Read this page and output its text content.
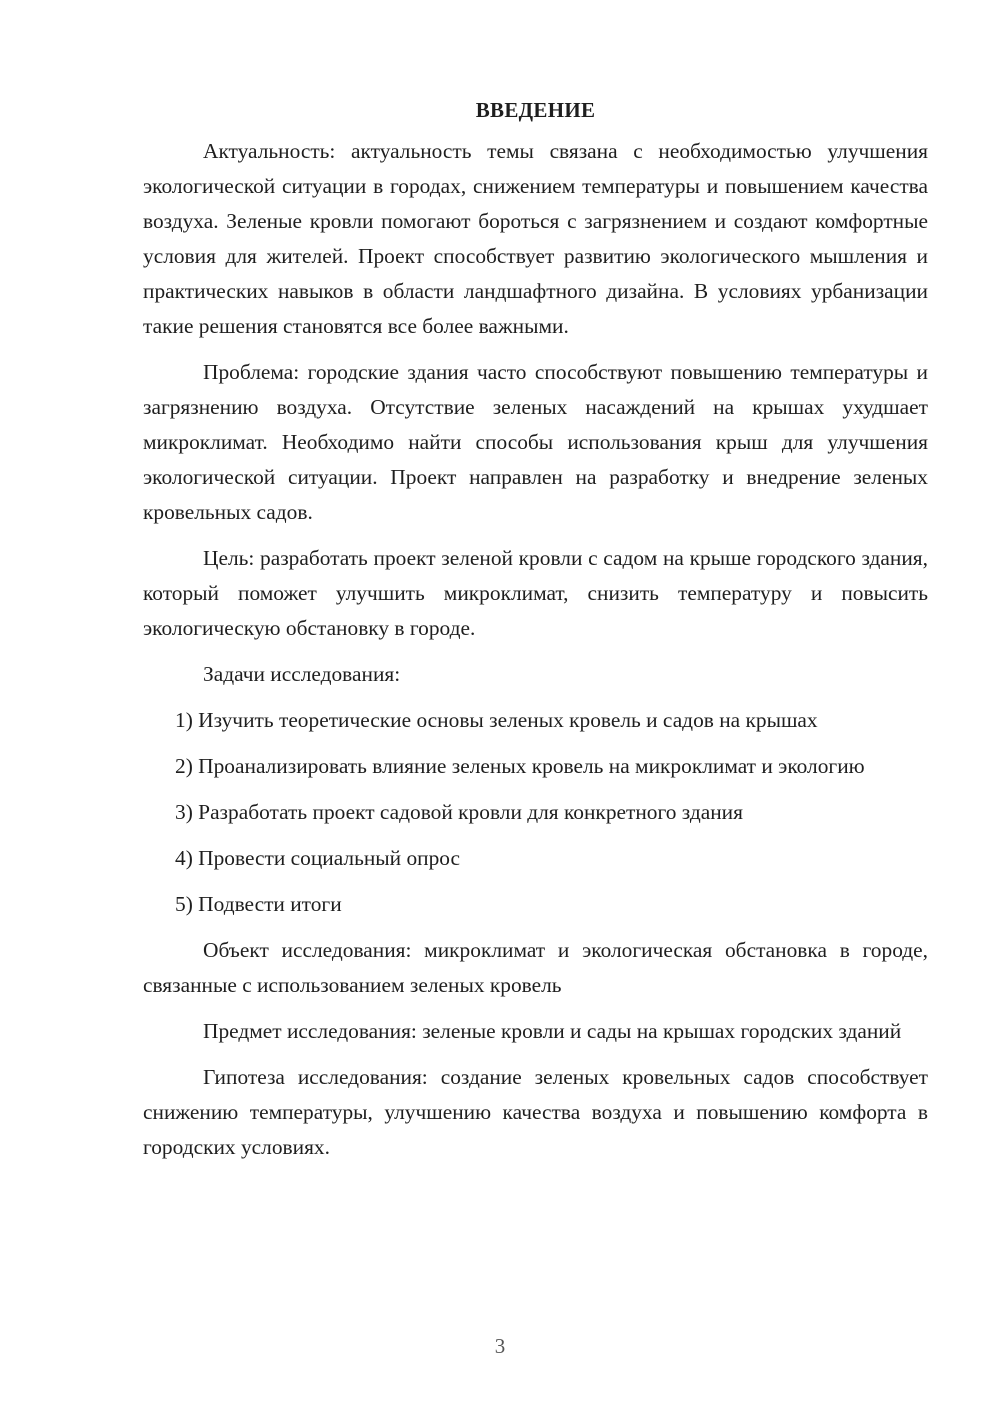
ВВЕДЕНИЕ

Актуальность: актуальность темы связана с необходимостью улучшения экологической ситуации в городах, снижением температуры и повышением качества воздуха. Зеленые кровли помогают бороться с загрязнением и создают комфортные условия для жителей. Проект способствует развитию экологического мышления и практических навыков в области ландшафтного дизайна. В условиях урбанизации такие решения становятся все более важными.

Проблема: городские здания часто способствуют повышению температуры и загрязнению воздуха. Отсутствие зеленых насаждений на крышах ухудшает микроклимат. Необходимо найти способы использования крыш для улучшения экологической ситуации. Проект направлен на разработку и внедрение зеленых кровельных садов.

Цель: разработать проект зеленой кровли с садом на крыше городского здания, который поможет улучшить микроклимат, снизить температуру и повысить экологическую обстановку в городе.

Задачи исследования:

1) Изучить теоретические основы зеленых кровель и садов на крышах

2) Проанализировать влияние зеленых кровель на микроклимат и экологию

3) Разработать проект садовой кровли для конкретного здания

4) Провести социальный опрос

5) Подвести итоги

Объект исследования: микроклимат и экологическая обстановка в городе, связанные с использованием зеленых кровель

Предмет исследования: зеленые кровли и сады на крышах городских зданий

Гипотеза исследования: создание зеленых кровельных садов способствует снижению температуры, улучшению качества воздуха и повышению комфорта в городских условиях.

3
